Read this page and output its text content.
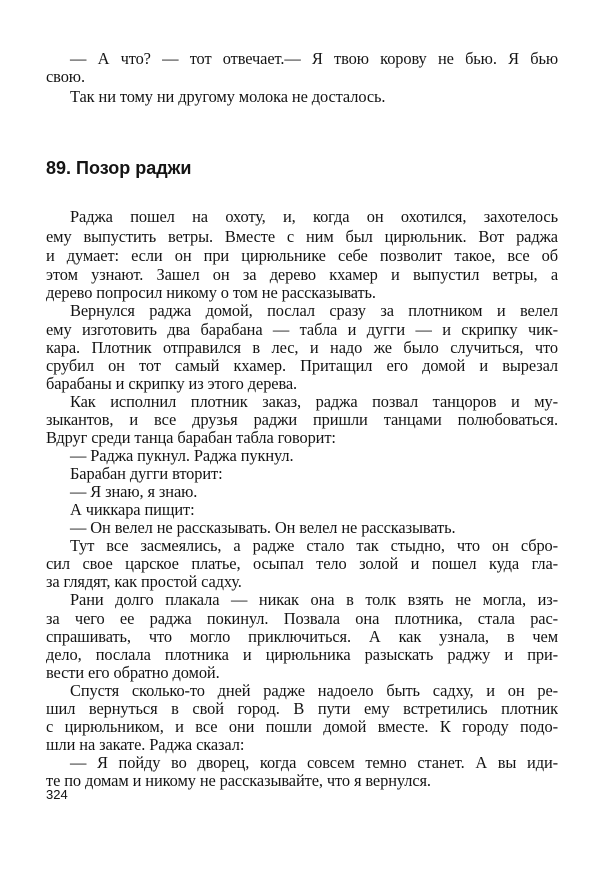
— А что? — тот отвечает.— Я твою корову не бью. Я бью
свою.
Так ни тому ни другому молока не досталось.
89. Позор раджи
Раджа пошел на охоту, и, когда он охотился, захотелось
ему выпустить ветры. Вместе с ним был цирюльник. Вот раджа
и думает: если он при цирюльнике себе позволит такое, все об
этом узнают. Зашел он за дерево кхамер и выпустил ветры, а
дерево попросил никому о том не рассказывать.
Вернулся раджа домой, послал сразу за плотником и велел
ему изготовить два барабана — табла и дугги — и скрипку чик-
кара. Плотник отправился в лес, и надо же было случиться, что
срубил он тот самый кхамер. Притащил его домой и вырезал
барабаны и скрипку из этого дерева.
Как исполнил плотник заказ, раджа позвал танцоров и му-
зыкантов, и все друзья раджи пришли танцами полюбоваться.
Вдруг среди танца барабан табла говорит:
— Раджа пукнул. Раджа пукнул.
Барабан дугги вторит:
— Я знаю, я знаю.
А чиккара пищит:
— Он велел не рассказывать. Он велел не рассказывать.
Тут все засмеялись, а радже стало так стыдно, что он сбро-
сил свое царское платье, осыпал тело золой и пошел куда гла-
за глядят, как простой садху.
Рани долго плакала — никак она в толк взять не могла, из-
за чего ее раджа покинул. Позвала она плотника, стала рас-
спрашивать, что могло приключиться. А как узнала, в чем
дело, послала плотника и цирюльника разыскать раджу и при-
вести его обратно домой.
Спустя сколько-то дней радже надоело быть садху, и он ре-
шил вернуться в свой город. В пути ему встретились плотник
с цирюльником, и все они пошли домой вместе. К городу подо-
шли на закате. Раджа сказал:
— Я пойду во дворец, когда совсем темно станет. А вы иди-
те по домам и никому не рассказывайте, что я вернулся.
324
